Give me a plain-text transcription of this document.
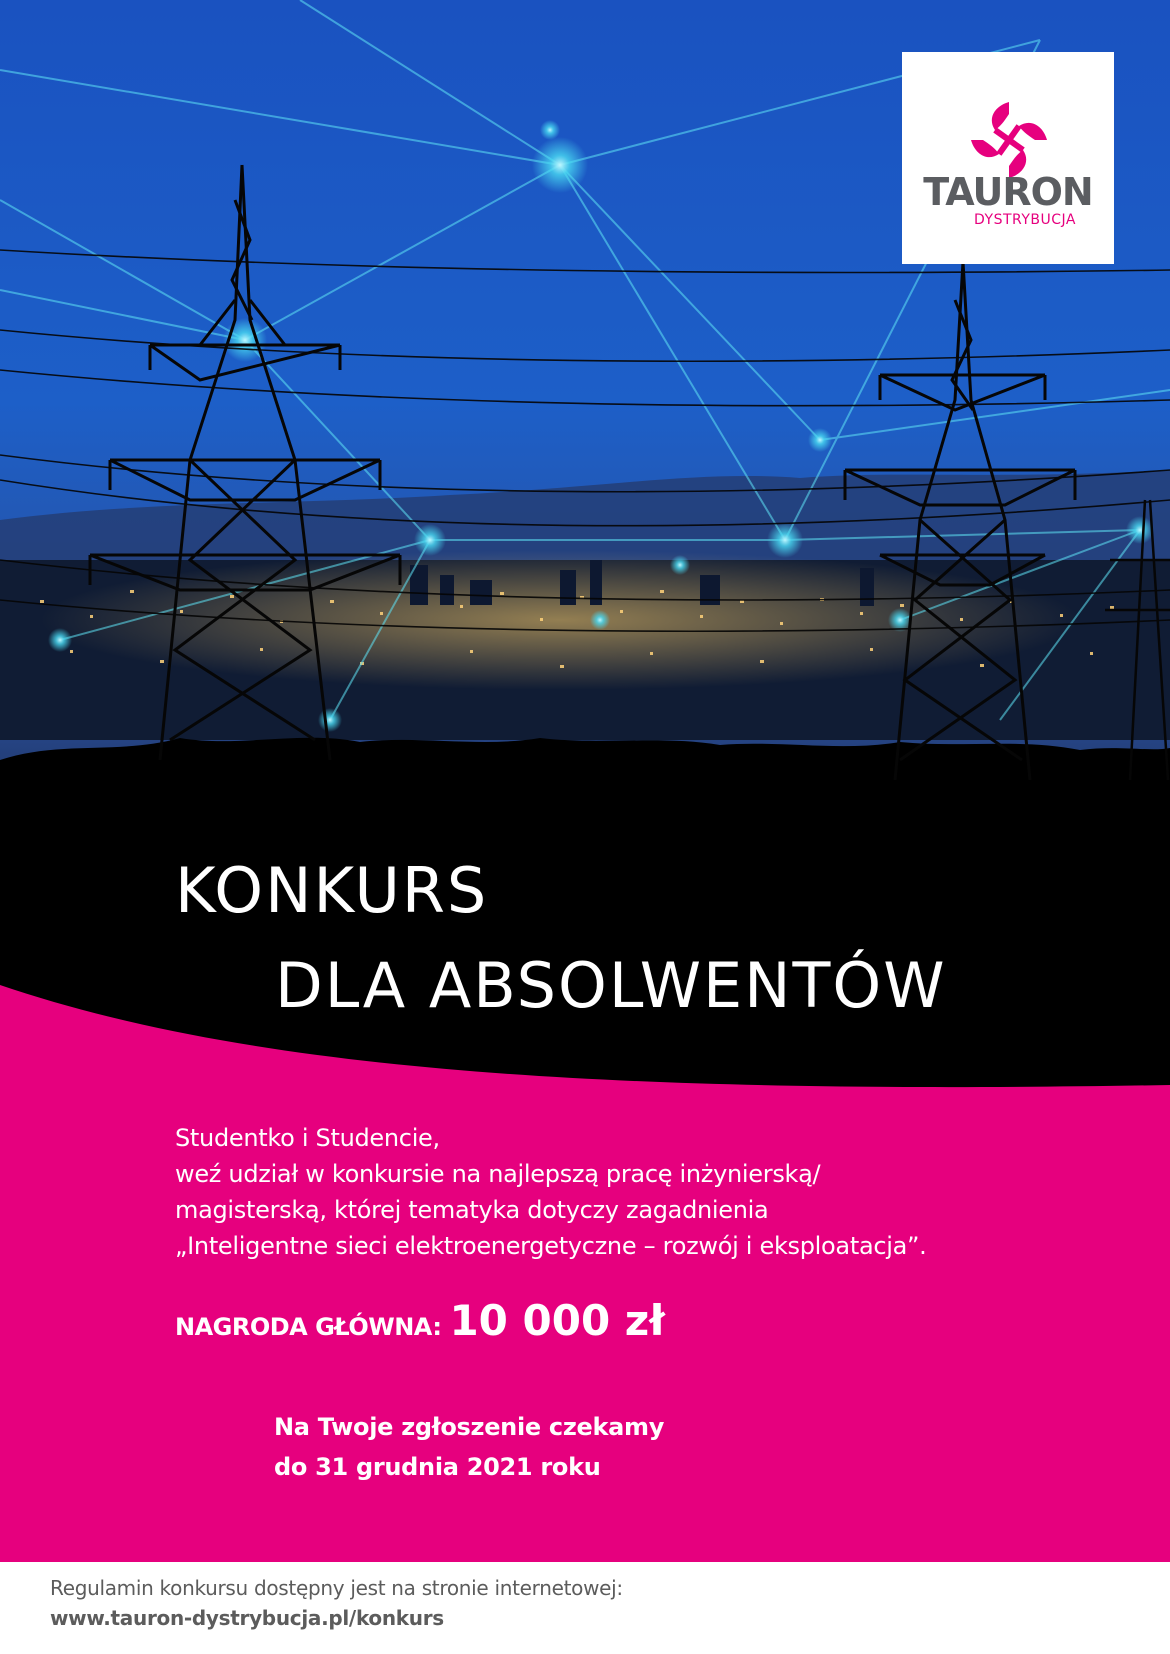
TAURON
DYSTRYBUCJA
KONKURS
DLA ABSOLWENTÓW
Studentko i Studencie,
weź udział w konkursie na najlepszą pracę inżynierską/
magisterską, której tematyka dotyczy zagadnienia
„Inteligentne sieci elektroenergetyczne – rozwój i eksploatacja”.
NAGRODA GŁÓWNA: 10 000 zł
Na Twoje zgłoszenie czekamy
do 31 grudnia 2021 roku
Regulamin konkursu dostępny jest na stronie internetowej:
www.tauron-dystrybucja.pl/konkurs
